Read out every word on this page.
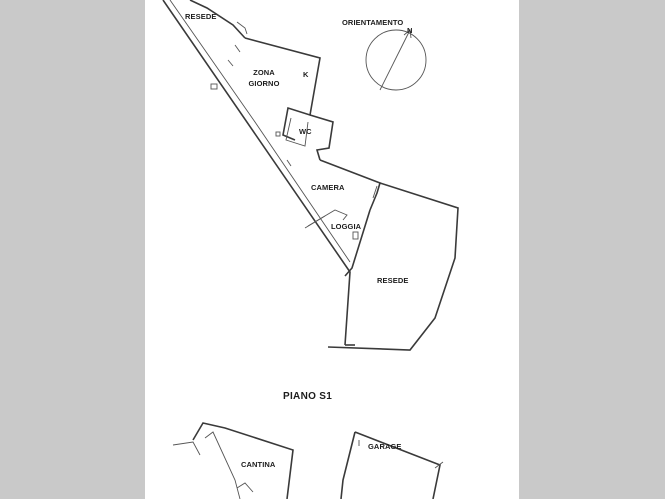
RESEDE
ORIENTAMENTO
N
ZONA
GIORNO
K
WC
CAMERA
LOGGIA
RESEDE
PIANO S1
CANTINA
GARAGE
